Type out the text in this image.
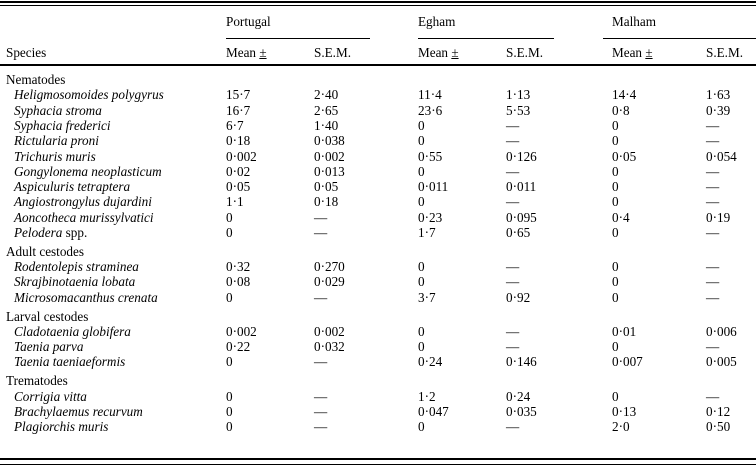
Portugal	Egham	Malham
Species	Mean ±	S.E.M.	Mean ±	S.E.M.	Mean ±	S.E.M.
Nematodes
Heligmosomoides polygyrus	15·7	2·40	11·4	1·13	14·4	1·63
Syphacia stroma	16·7	2·65	23·6	5·53	0·8	0·39
Syphacia frederici	6·7	1·40	0	—	0	—
Rictularia proni	0·18	0·038	0	—	0	—
Trichuris muris	0·002	0·002	0·55	0·126	0·05	0·054
Gongylonema neoplasticum	0·02	0·013	0	—	0	—
Aspiculuris tetraptera	0·05	0·05	0·011	0·011	0	—
Angiostrongylus dujardini	1·1	0·18	0	—	0	—
Aoncotheca murissylvatici	0	—	0·23	0·095	0·4	0·19
Pelodera spp.	0	—	1·7	0·65	0	—
Adult cestodes
Rodentolepis straminea	0·32	0·270	0	—	0	—
Skrajbinotaenia lobata	0·08	0·029	0	—	0	—
Microsomacanthus crenata	0	—	3·7	0·92	0	—
Larval cestodes
Cladotaenia globifera	0·002	0·002	0	—	0·01	0·006
Taenia parva	0·22	0·032	0	—	0	—
Taenia taeniaeformis	0	—	0·24	0·146	0·007	0·005
Trematodes
Corrigia vitta	0	—	1·2	0·24	0	—
Brachylaemus recurvum	0	—	0·047	0·035	0·13	0·12
Plagiorchis muris	0	—	0	—	2·0	0·50
